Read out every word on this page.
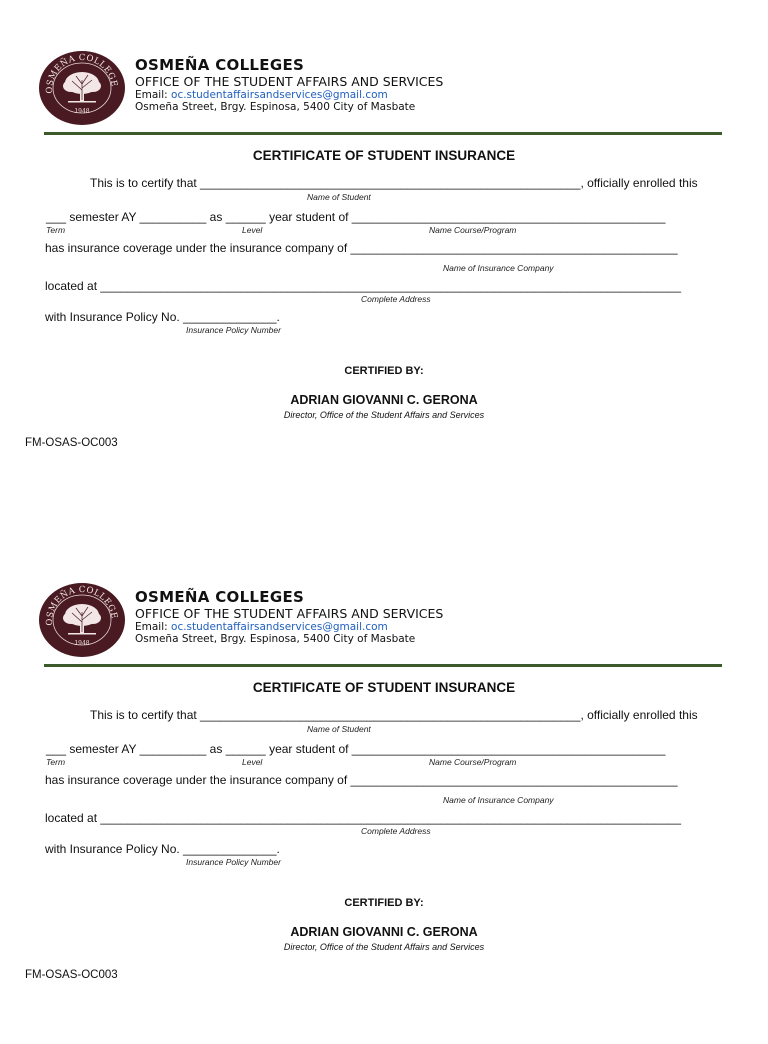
OSMEÑA COLLEGE
1948
OSMEÑA COLLEGES
OFFICE OF THE STUDENT AFFAIRS AND SERVICES
Email: oc.studentaffairsandservices@gmail.com
Osmeña Street, Brgy. Espinosa, 5400 City of Masbate
CERTIFICATE OF STUDENT INSURANCE
This is to certify that _________________________________________________________, officially enrolled this
Name of Student
___ semester AY __________ as ______ year student of _______________________________________________
Term	Level	Name Course/Program
has insurance coverage under the insurance company of _________________________________________________
Name of Insurance Company
located at _______________________________________________________________________________________
Complete Address
with Insurance Policy No. ______________.
Insurance Policy Number
CERTIFIED BY:
ADRIAN GIOVANNI C. GERONA
Director, Office of the Student Affairs and Services
FM-OSAS-OC003
OSMEÑA COLLEGE
1948
OSMEÑA COLLEGES
OFFICE OF THE STUDENT AFFAIRS AND SERVICES
Email: oc.studentaffairsandservices@gmail.com
Osmeña Street, Brgy. Espinosa, 5400 City of Masbate
CERTIFICATE OF STUDENT INSURANCE
This is to certify that _________________________________________________________, officially enrolled this
Name of Student
___ semester AY __________ as ______ year student of _______________________________________________
Term	Level	Name Course/Program
has insurance coverage under the insurance company of _________________________________________________
Name of Insurance Company
located at _______________________________________________________________________________________
Complete Address
with Insurance Policy No. ______________.
Insurance Policy Number
CERTIFIED BY:
ADRIAN GIOVANNI C. GERONA
Director, Office of the Student Affairs and Services
FM-OSAS-OC003
